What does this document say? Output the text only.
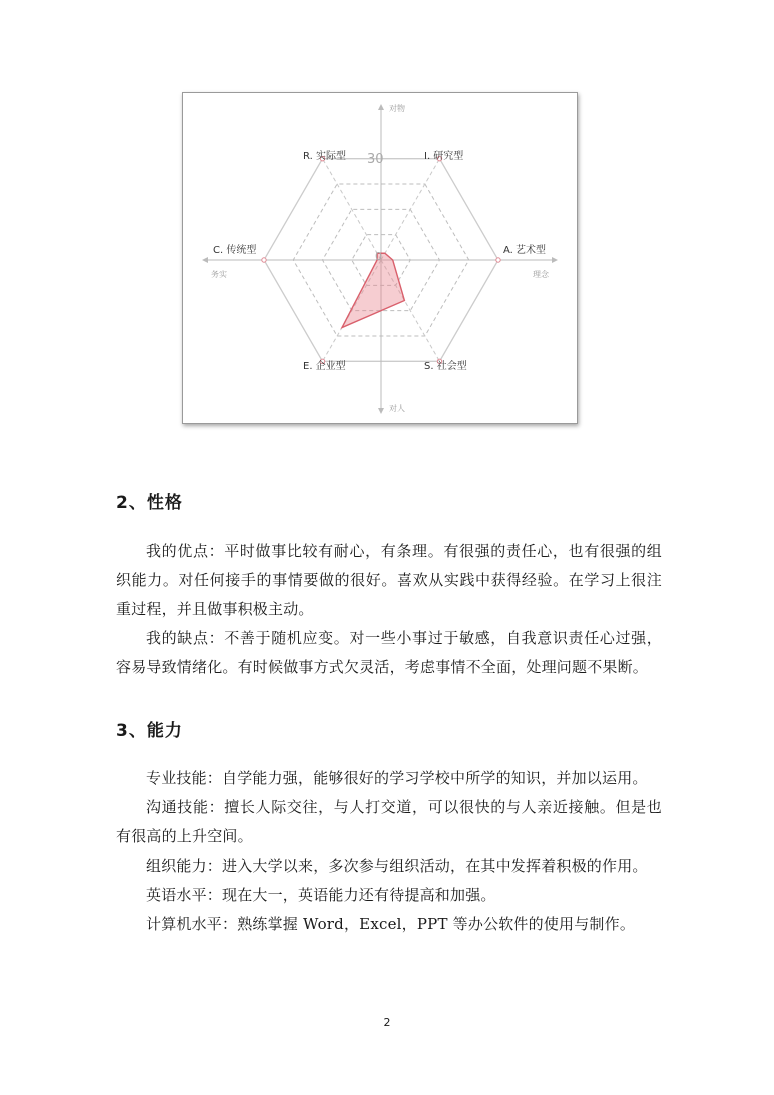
对物
对人
务实	理念
30
0
R. 实际型	I. 研究型
A. 艺术型
C. 传统型
E. 企业型	S. 社会型
2、性格

我的优点：平时做事比较有耐心，有条理。有很强的责任心，也有很强的组织能力。对任何接手的事情要做的很好。喜欢从实践中获得经验。在学习上很注重过程，并且做事积极主动。

我的缺点：不善于随机应变。对一些小事过于敏感，自我意识责任心过强，容易导致情绪化。有时候做事方式欠灵活，考虑事情不全面，处理问题不果断。

3、能力

专业技能：自学能力强，能够很好的学习学校中所学的知识，并加以运用。

沟通技能：擅长人际交往，与人打交道，可以很快的与人亲近接触。但是也有很高的上升空间。

组织能力：进入大学以来，多次参与组织活动，在其中发挥着积极的作用。

英语水平：现在大一，英语能力还有待提高和加强。

计算机水平：熟练掌握 Word，Excel，PPT 等办公软件的使用与制作。

2
